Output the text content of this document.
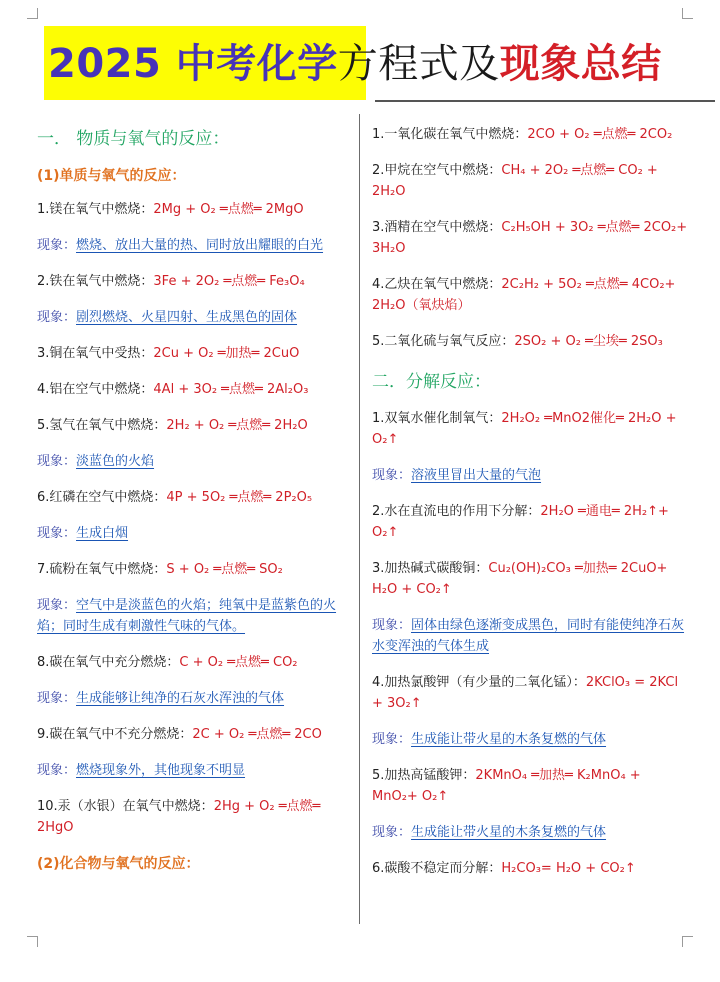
2025 中考化学方程式及现象总结
一． 物质与氧气的反应：
(1)单质与氧气的反应：
1.镁在氧气中燃烧：2Mg + O₂ ═点燃═ 2MgO
现象：燃烧、放出大量的热、同时放出耀眼的白光
2.铁在氧气中燃烧：3Fe + 2O₂ ═点燃═ Fe₃O₄
现象：剧烈燃烧、火星四射、生成黑色的固体
3.铜在氧气中受热：2Cu + O₂ ═加热═ 2CuO
4.铝在空气中燃烧：4Al + 3O₂ ═点燃═ 2Al₂O₃
5.氢气在氧气中燃烧：2H₂ + O₂ ═点燃═ 2H₂O
现象：淡蓝色的火焰
6.红磷在空气中燃烧：4P + 5O₂ ═点燃═ 2P₂O₅
现象：生成白烟
7.硫粉在氧气中燃烧：S + O₂ ═点燃═ SO₂
现象：空气中是淡蓝色的火焰；纯氧中是蓝紫色的火焰；同时生成有刺激性气味的气体。
8.碳在氧气中充分燃烧：C + O₂ ═点燃═ CO₂
现象：生成能够让纯净的石灰水浑浊的气体
9.碳在氧气中不充分燃烧：2C + O₂ ═点燃═ 2CO
现象：燃烧现象外，其他现象不明显
10.汞（水银）在氧气中燃烧：2Hg + O₂ ═点燃═ 2HgO
(2)化合物与氧气的反应：
1.一氧化碳在氧气中燃烧：2CO + O₂ ═点燃═ 2CO₂
2.甲烷在空气中燃烧：CH₄ + 2O₂ ═点燃═ CO₂ + 2H₂O
3.酒精在空气中燃烧：C₂H₅OH + 3O₂ ═点燃═ 2CO₂+ 3H₂O
4.乙炔在氧气中燃烧：2C₂H₂ + 5O₂ ═点燃═ 4CO₂+ 2H₂O（氧炔焰）
5.二氧化硫与氧气反应：2SO₂ + O₂ ═尘埃═ 2SO₃
二．分解反应：
1.双氧水催化制氧气：2H₂O₂ ═MnO2催化═ 2H₂O + O₂↑
现象：溶液里冒出大量的气泡
2.水在直流电的作用下分解：2H₂O ═通电═ 2H₂↑+ O₂↑
3.加热碱式碳酸铜：Cu₂(OH)₂CO₃ ═加热═ 2CuO+ H₂O + CO₂↑
现象：固体由绿色逐渐变成黑色，同时有能使纯净石灰水变浑浊的气体生成
4.加热氯酸钾（有少量的二氧化锰）：2KClO₃ = 2KCl + 3O₂↑
现象：生成能让带火星的木条复燃的气体
5.加热高锰酸钾：2KMnO₄ ═加热═ K₂MnO₄ + MnO₂+ O₂↑
现象：生成能让带火星的木条复燃的气体
6.碳酸不稳定而分解：H₂CO₃= H₂O + CO₂↑
